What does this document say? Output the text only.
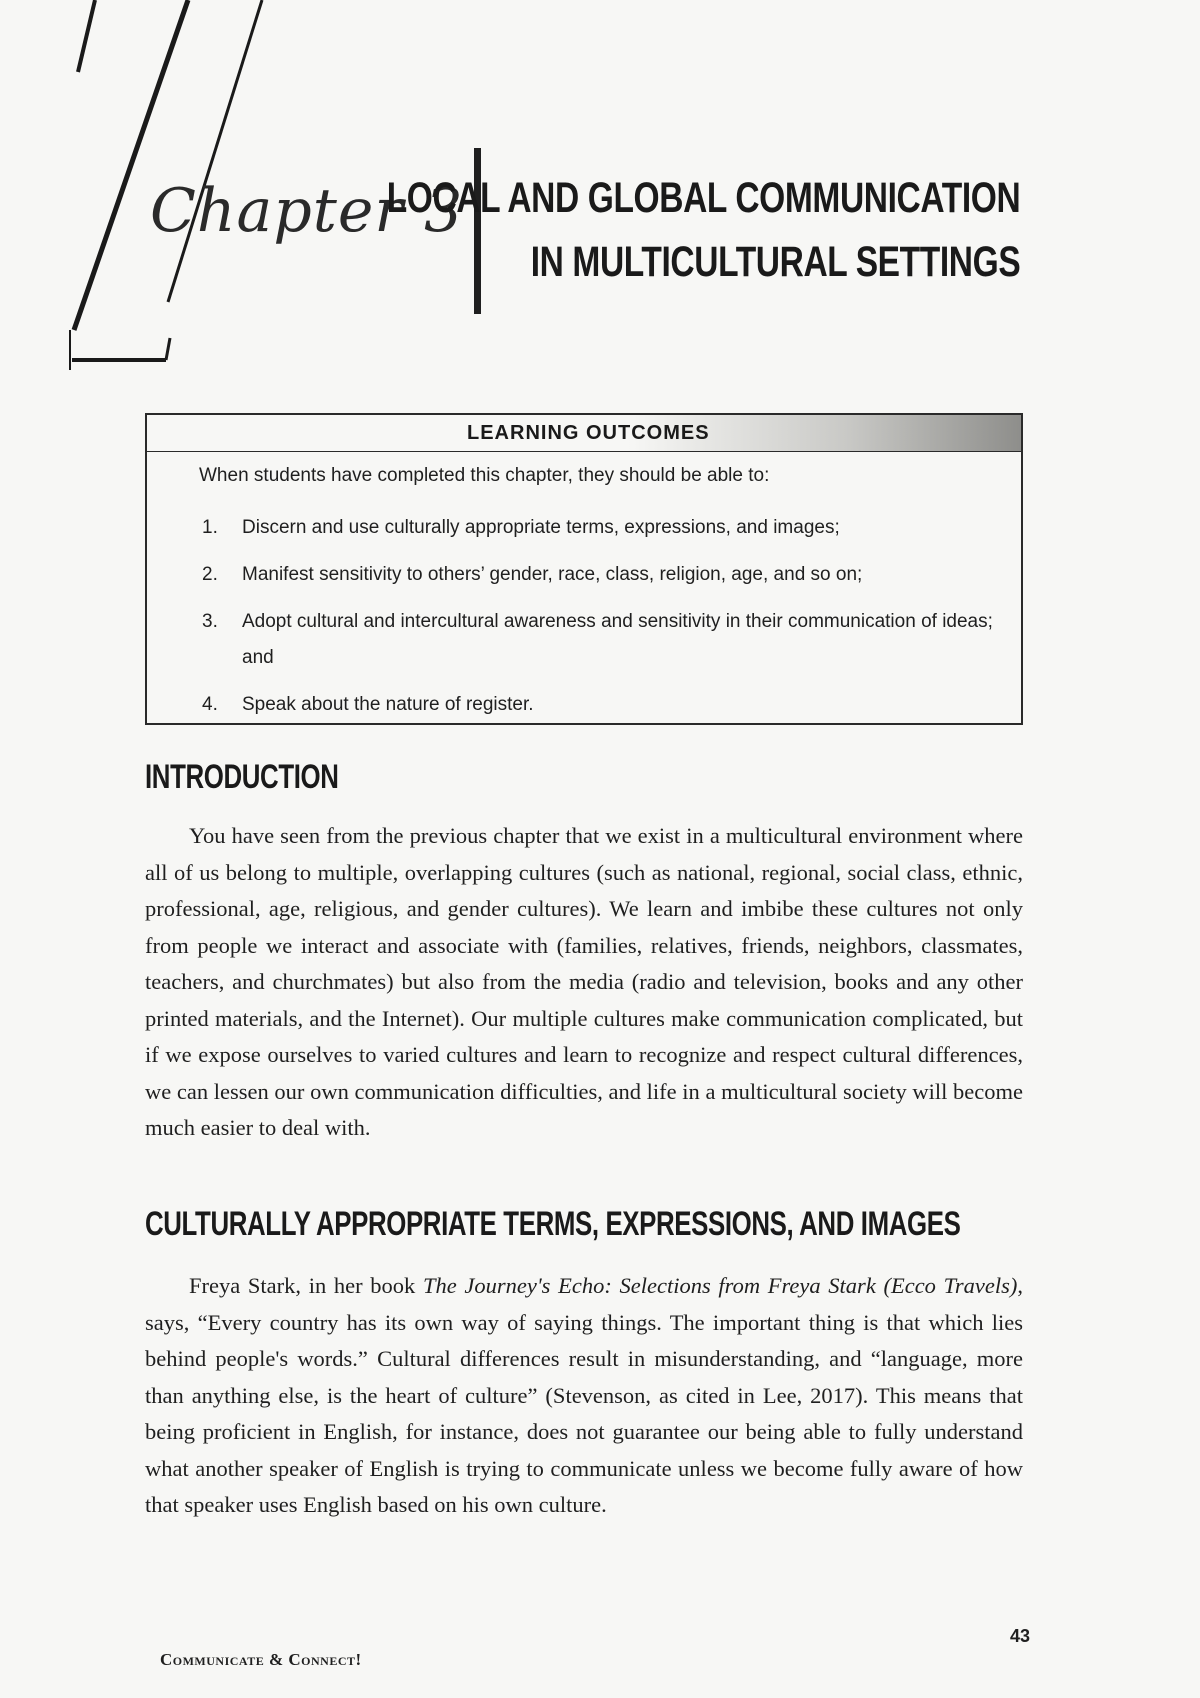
Chapter 3
LOCAL AND GLOBAL COMMUNICATION
IN MULTICULTURAL SETTINGS
LEARNING OUTCOMES
When students have completed this chapter, they should be able to:
1. Discern and use culturally appropriate terms, expressions, and images;
2. Manifest sensitivity to others’ gender, race, class, religion, age, and so on;
3. Adopt cultural and intercultural awareness and sensitivity in their communication of ideas; and
4. Speak about the nature of register.
INTRODUCTION

You have seen from the previous chapter that we exist in a multicultural environment where all of us belong to multiple, overlapping cultures (such as national, regional, social class, ethnic, professional, age, religious, and gender cultures). We learn and imbibe these cultures not only from people we interact and associate with (families, relatives, friends, neighbors, classmates, teachers, and churchmates) but also from the media (radio and television, books and any other printed materials, and the Internet). Our multiple cultures make communication complicated, but if we expose ourselves to varied cultures and learn to recognize and respect cultural differences, we can lessen our own communication difficulties, and life in a multicultural society will become much easier to deal with.

CULTURALLY APPROPRIATE TERMS, EXPRESSIONS, AND IMAGES

Freya Stark, in her book The Journey's Echo: Selections from Freya Stark (Ecco Travels), says, “Every country has its own way of saying things. The important thing is that which lies behind people's words.” Cultural differences result in misunderstanding, and “language, more than anything else, is the heart of culture” (Stevenson, as cited in Lee, 2017). This means that being proficient in English, for instance, does not guarantee our being able to fully understand what another speaker of English is trying to communicate unless we become fully aware of how that speaker uses English based on his own culture.

43
Communicate & Connect!
